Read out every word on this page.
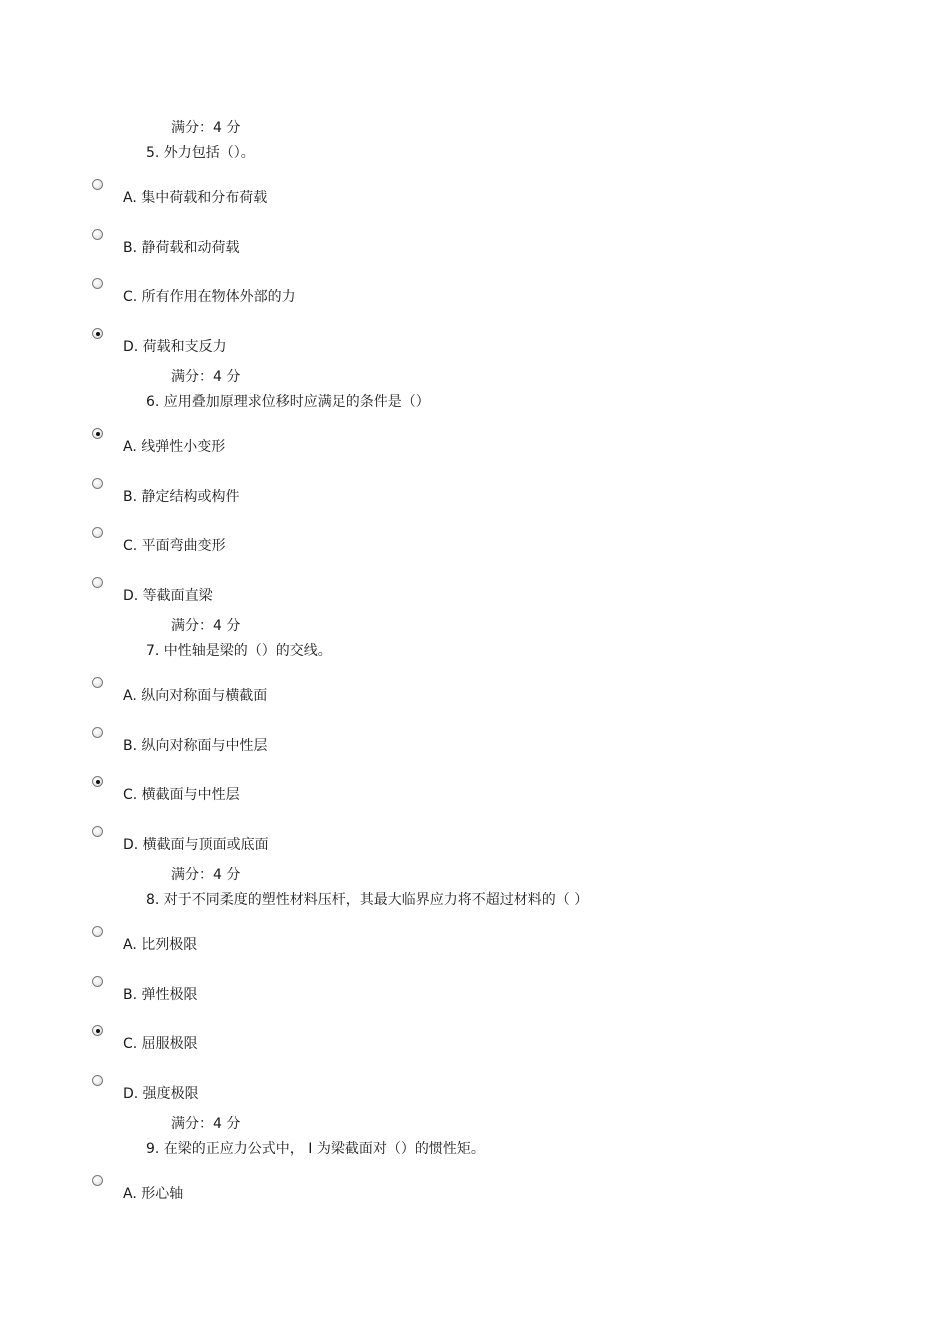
满分：4 分
5. 外力包括（）。
A. 集中荷载和分布荷载
B. 静荷载和动荷载
C. 所有作用在物体外部的力
D. 荷载和支反力
满分：4 分
6. 应用叠加原理求位移时应满足的条件是（）
A. 线弹性小变形
B. 静定结构或构件
C. 平面弯曲变形
D. 等截面直梁
满分：4 分
7. 中性轴是梁的（）的交线。
A. 纵向对称面与横截面
B. 纵向对称面与中性层
C. 横截面与中性层
D. 横截面与顶面或底面
满分：4 分
8. 对于不同柔度的塑性材料压杆，其最大临界应力将不超过材料的（ ）
A. 比列极限
B. 弹性极限
C. 屈服极限
D. 强度极限
满分：4 分
9. 在梁的正应力公式中， I 为梁截面对（）的惯性矩。
A. 形心轴
